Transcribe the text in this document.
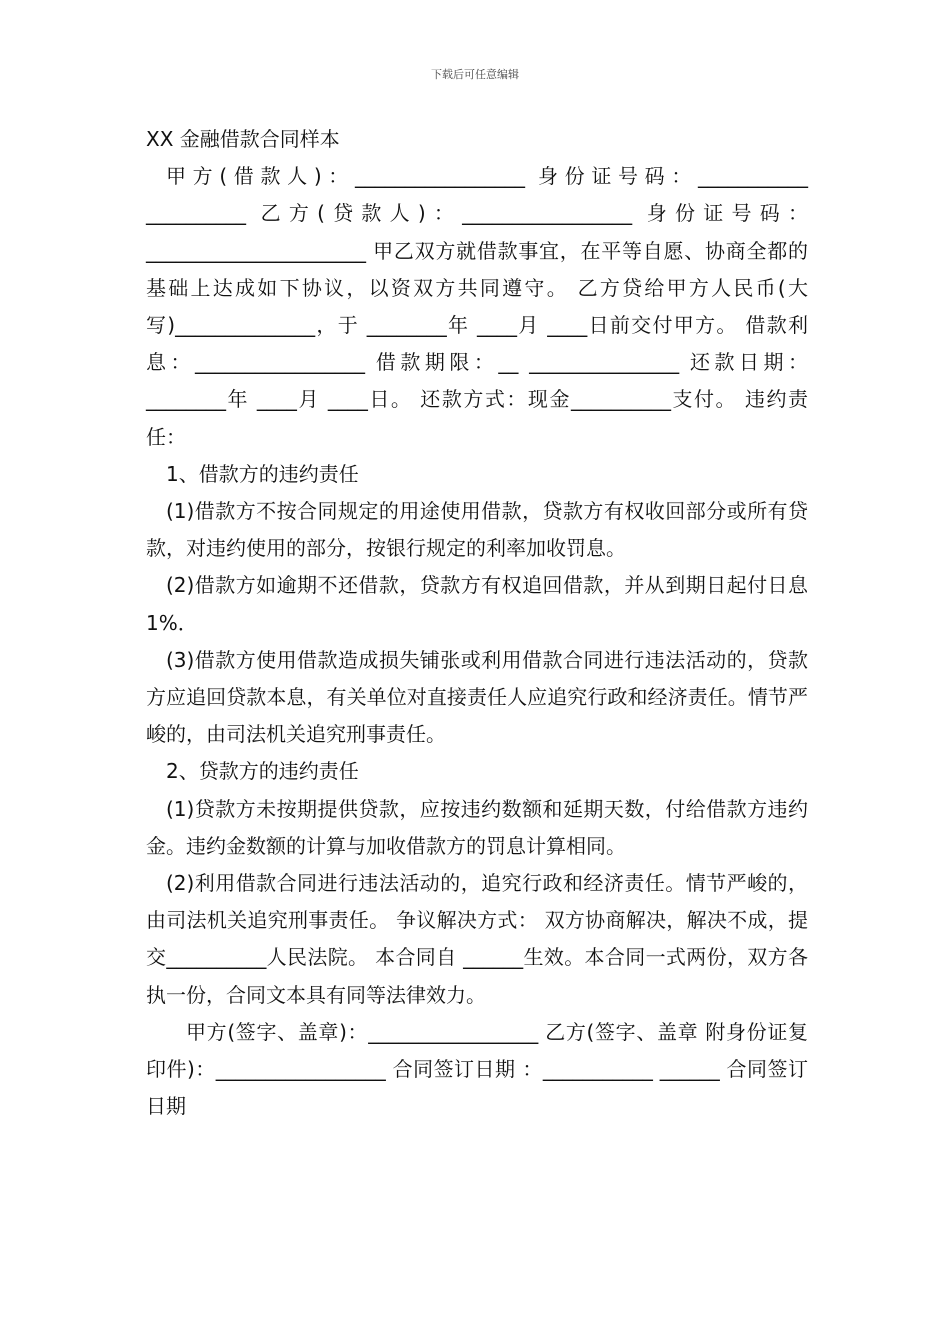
下载后可任意编辑

XX 金融借款合同样本

甲方(借款人)：_________________ 身份证号码：___________ __________ 乙方(贷款人)：_________________ 身份证号码：______________________ 甲乙双方就借款事宜，在平等自愿、协商全都的基础上达成如下协议，以资双方共同遵守。 乙方贷给甲方人民币(大写)______________，于 ________年 ____月 ____日前交付甲方。 借款利息：_________________ 借款期限：__ _______________ 还款日期：________年 ____月 ____日。 还款方式：现金__________支付。 违约责任：

1、借款方的违约责任

(1)借款方不按合同规定的用途使用借款，贷款方有权收回部分或所有贷款，对违约使用的部分，按银行规定的利率加收罚息。

(2)借款方如逾期不还借款，贷款方有权追回借款，并从到期日起付日息 1%．

(3)借款方使用借款造成损失铺张或利用借款合同进行违法活动的，贷款方应追回贷款本息，有关单位对直接责任人应追究行政和经济责任。情节严峻的，由司法机关追究刑事责任。

2、贷款方的违约责任

(1)贷款方未按期提供贷款，应按违约数额和延期天数，付给借款方违约金。违约金数额的计算与加收借款方的罚息计算相同。

(2)利用借款合同进行违法活动的，追究行政和经济责任。情节严峻的，由司法机关追究刑事责任。 争议解决方式： 双方协商解决，解决不成，提交__________人民法院。 本合同自 ______生效。本合同一式两份，双方各执一份，合同文本具有同等法律效力。

甲方(签字、盖章)：_________________ 乙方(签字、盖章 附身份证复印件)：_________________ 合同签订日期 ：___________ ______ 合同签订日期
